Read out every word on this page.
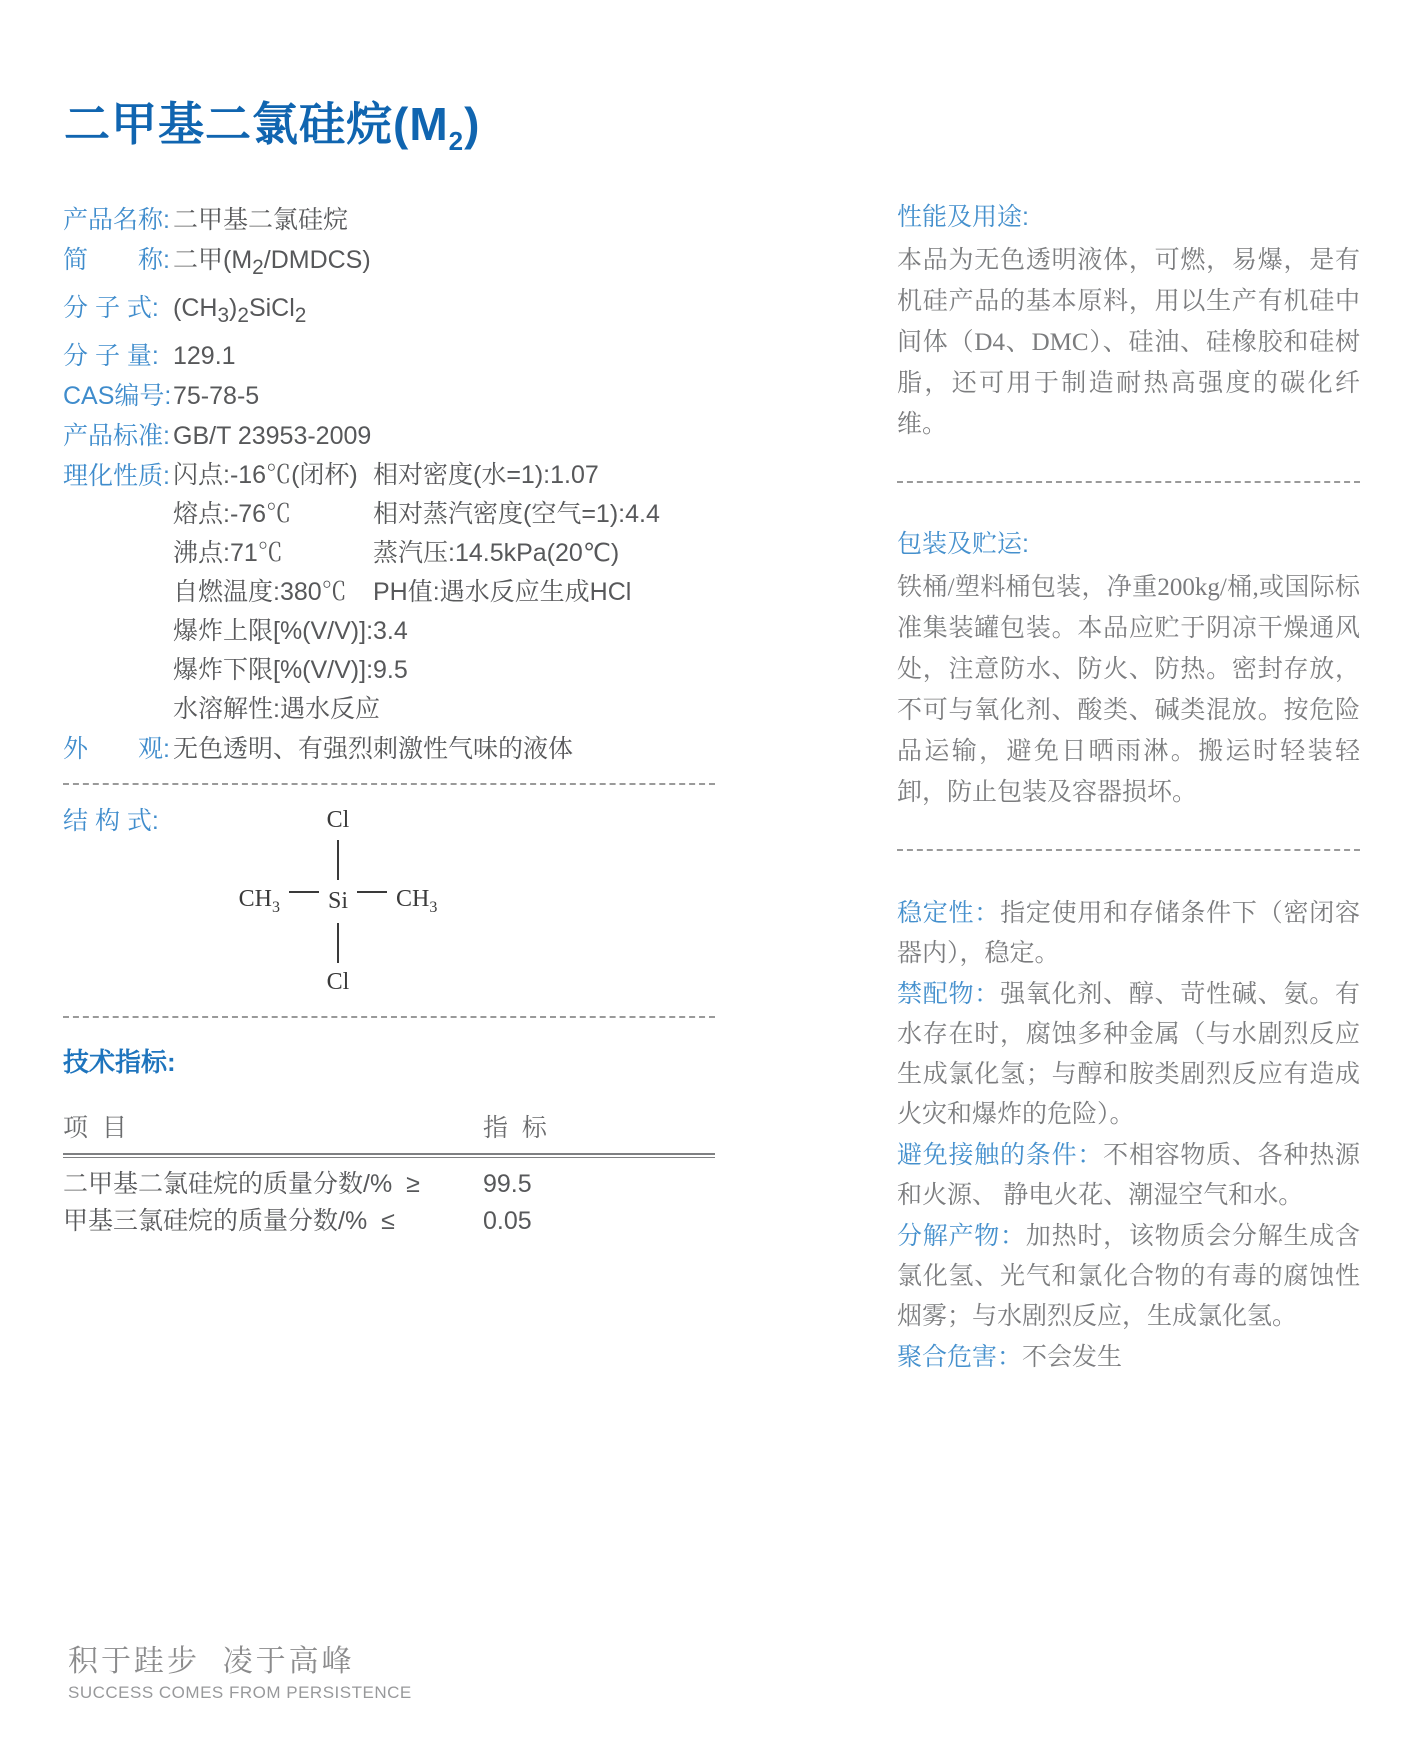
二甲基二氯硅烷$(M_2)$
产品名称: 二甲基二氯硅烷
简　　称: 二甲$(M_2/DMDCS)$
分 子 式: $(CH_3)_2SiCl_2$
分 子 量: 129.1
CAS编号: 75-78-5
产品标准: GB/T 23953-2009
理化性质: 闪点:-16℃(闭杯) 相对密度(水=1):1.07
熔点:-76℃	相对蒸汽密度(空气=1):4.4
沸点:71℃	蒸汽压:14.5kPa(20℃)
自燃温度:380℃	PH值:遇水反应生成HCl
爆炸上限[%(V/V)]:3.4
爆炸下限[%(V/V)]:9.5
水溶解性:遇水反应
外　　观: 无色透明、有强烈刺激性气味的液体
结 构 式:	Cl
$CH_3$ Si $CH_3$
Cl
技术指标:
项  目	指  标
二甲基二氯硅烷的质量分数/%  ≥	99.5
甲基三氯硅烷的质量分数/%  ≤	0.05
性能及用途:
本品为无色透明液体，可燃，易爆，是有机硅产品的基本原料，用以生产有机硅中间体（D4、DMC）、硅油、硅橡胶和硅树脂，还可用于制造耐热高强度的碳化纤维。
包装及贮运:
铁桶/塑料桶包装，净重200kg/桶,或国际标准集装罐包装。本品应贮于阴凉干燥通风处，注意防水、防火、防热。密封存放，不可与氧化剂、酸类、碱类混放。按危险品运输，避免日晒雨淋。搬运时轻装轻卸，防止包装及容器损坏。

稳定性：指定使用和存储条件下（密闭容器内），稳定。

禁配物：强氧化剂、醇、苛性碱、氨。有水存在时，腐蚀多种金属（与水剧烈反应生成氯化氢；与醇和胺类剧烈反应有造成火灾和爆炸的危险）。

避免接触的条件：不相容物质、各种热源和火源、 静电火花、潮湿空气和水。

分解产物：加热时，该物质会分解生成含氯化氢、光气和氯化合物的有毒的腐蚀性烟雾；与水剧烈反应，生成氯化氢。

聚合危害：不会发生

积于跬步  凌于高峰
SUCCESS COMES FROM PERSISTENCE
